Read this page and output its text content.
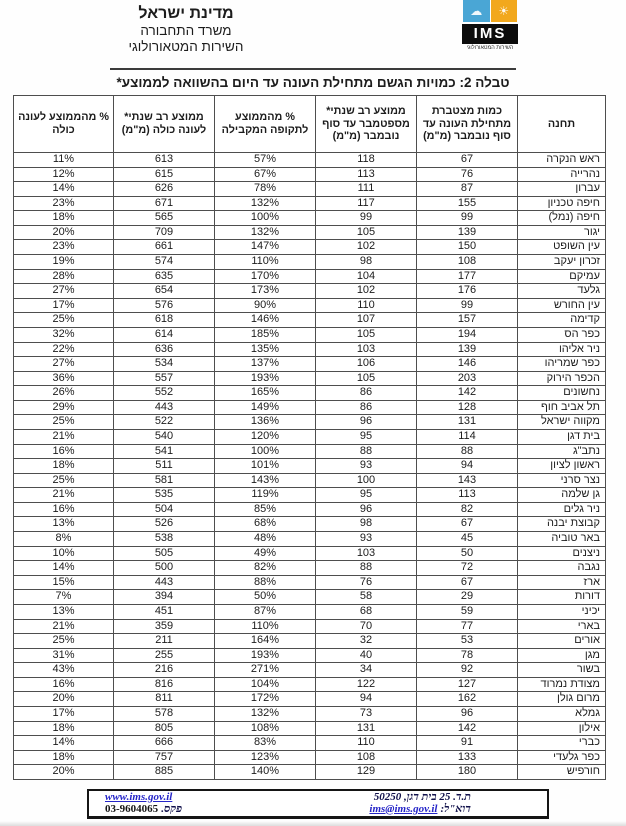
מדינת ישראל
משרד התחבורה
השירות המטאורולוגי
☁ ☀
IMS
השירות המטאורולוגי
טבלה 2: כמויות הגשם מתחילת העונה עד היום בהשוואה לממוצע*
תחנה	כמות מצטברת מתחילת העונה עד סוף נובמבר (מ"מ)	ממוצע רב שנתי* מספטמבר עד סוף נובמבר (מ"מ)	% מהממוצע לתקופה המקבילה	ממוצע רב שנתי* לעונה כולה (מ"מ)	% מהממוצע לעונה כולה
ראש הנקרה	67	118	57%	613	11%
נהרייה	76	113	67%	615	12%
עברון	87	111	78%	626	14%
חיפה טכניון	155	117	132%	671	23%
חיפה (נמל)	99	99	100%	565	18%
יגור	139	105	132%	709	20%
עין השופט	150	102	147%	661	23%
זכרון יעקב	108	98	110%	574	19%
עמיקם	177	104	170%	635	28%
גלעד	176	102	173%	654	27%
עין החורש	99	110	90%	576	17%
קדימה	157	107	146%	618	25%
כפר הס	194	105	185%	614	32%
ניר אליהו	139	103	135%	636	22%
כפר שמריהו	146	106	137%	534	27%
הכפר הירוק	203	105	193%	557	36%
נחשונים	142	86	165%	552	26%
תל אביב חוף	128	86	149%	443	29%
מקווה ישראל	131	96	136%	522	25%
בית דגן	114	95	120%	540	21%
נתב"ג	88	88	100%	541	16%
ראשון לציון	94	93	101%	511	18%
נצר סרני	143	100	143%	581	25%
גן שלמה	113	95	119%	535	21%
ניר גלים	82	96	85%	504	16%
קבוצת יבנה	67	98	68%	526	13%
באר טוביה	45	93	48%	538	8%
ניצנים	50	103	49%	505	10%
נגבה	72	88	82%	500	14%
ארז	67	76	88%	443	15%
דורות	29	58	50%	394	7%
יכיני	59	68	87%	451	13%
בארי	77	70	110%	359	21%
אורים	53	32	164%	211	25%
מגן	78	40	193%	255	31%
בשור	92	34	271%	216	43%
מצודת נמרוד	127	122	104%	816	16%
מרום גולן	162	94	172%	811	20%
גמלא	96	73	132%	578	17%
אילון	142	131	108%	805	18%
כברי	91	110	83%	666	14%
כפר גלעדי	133	108	123%	757	18%
חורפיש	180	129	140%	885	20%
ת.ד. 25 בית דגן, 50250
www.ims.gov.il
דוא"ל: ims@ims.gov.il
פקס. 03-9604065
